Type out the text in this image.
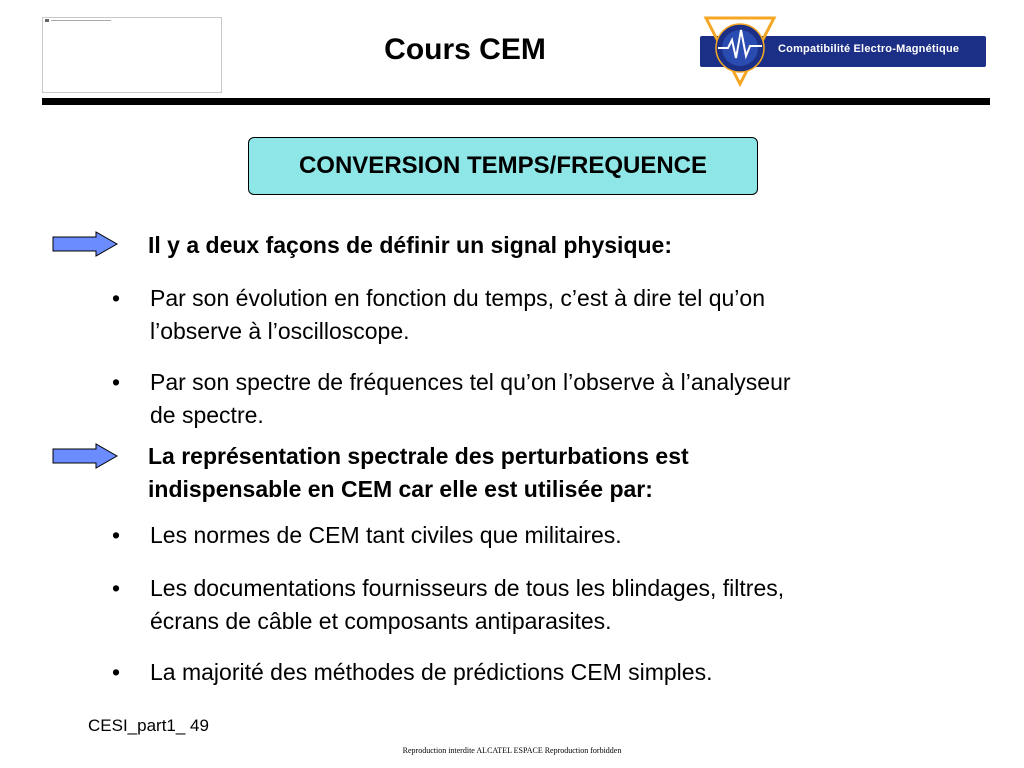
Cours CEM	Compatibilité Electro-Magnétique
CONVERSION TEMPS/FREQUENCE
Il y a deux façons de définir un signal physique:
• Par son évolution en fonction du temps, c’est à dire tel qu’on
l’observe à l’oscilloscope.
• Par son spectre de fréquences tel qu’on l’observe à l’analyseur
de spectre.
La représentation spectrale des perturbations est
indispensable en CEM car elle est utilisée par:
• Les normes de CEM tant civiles que militaires.
• Les documentations fournisseurs de tous les blindages, filtres,
écrans de câble et composants antiparasites.
• La majorité des méthodes de prédictions CEM simples.
CESI_part1_ 49
Reproduction interdite ALCATEL ESPACE Reproduction forbidden
